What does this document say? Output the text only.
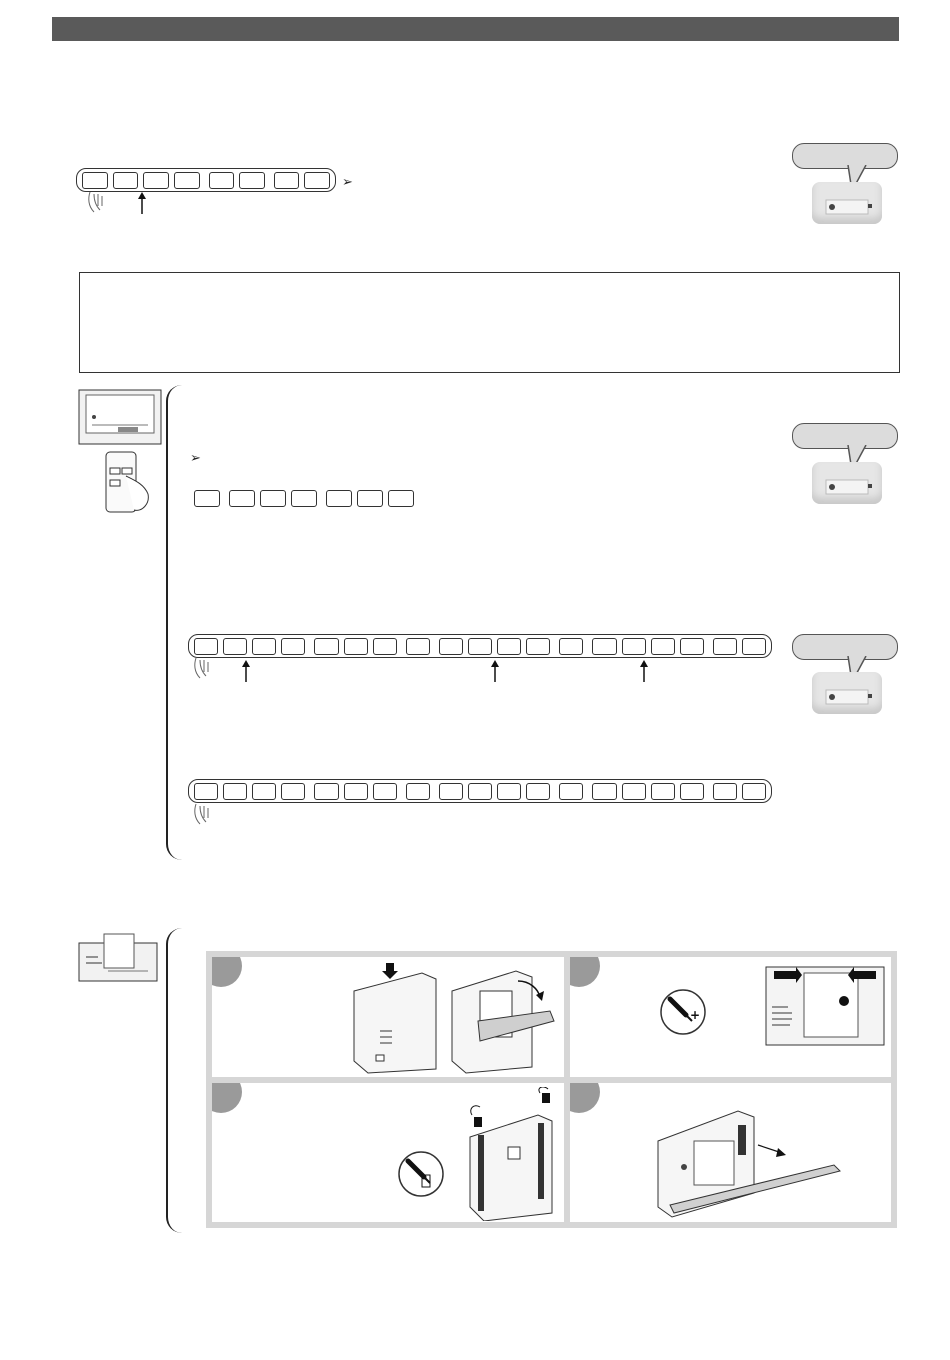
➢
➢
+
